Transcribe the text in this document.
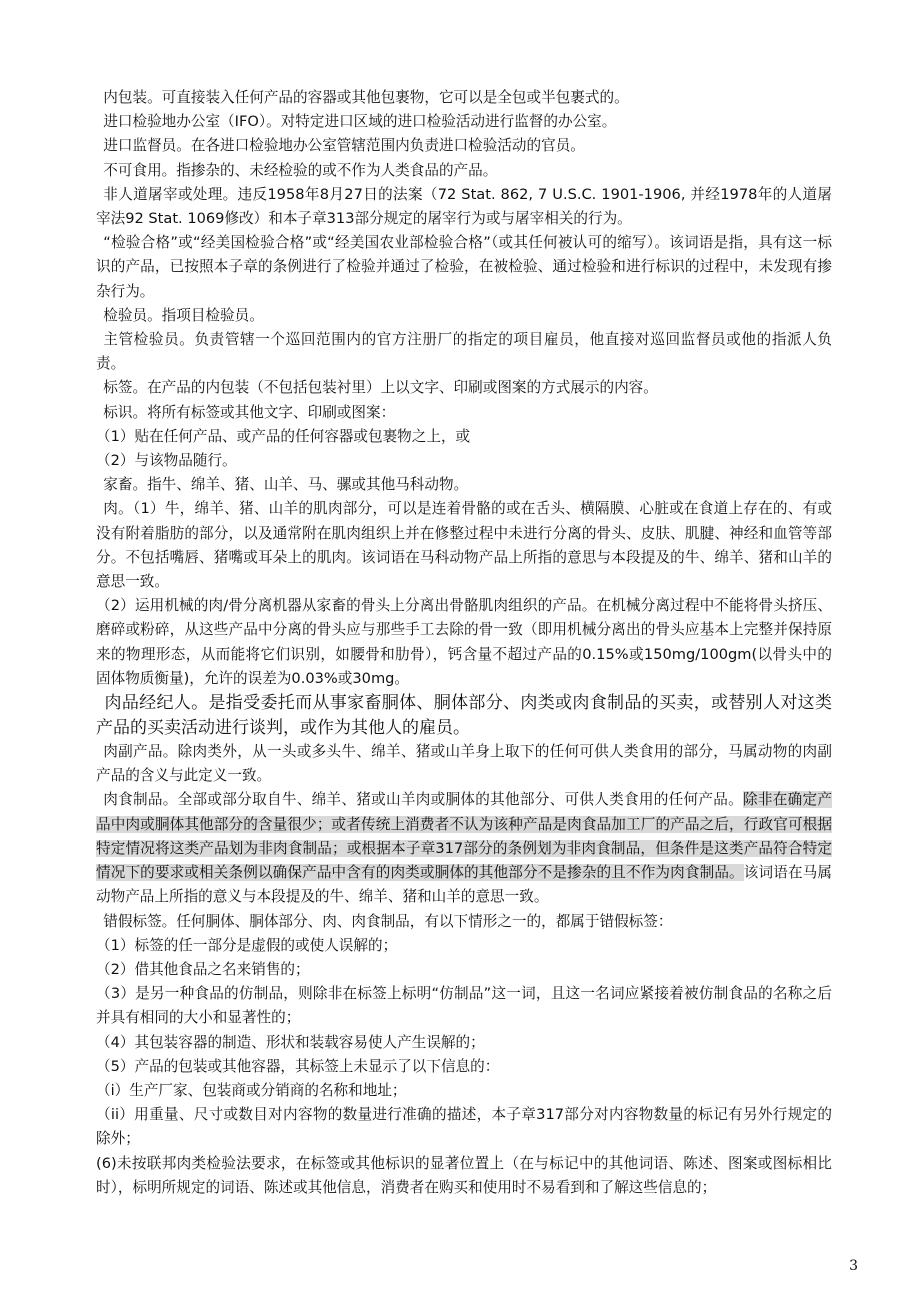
内包装。可直接装入任何产品的容器或其他包裹物，它可以是全包或半包裹式的。

进口检验地办公室（IFO）。对特定进口区域的进口检验活动进行监督的办公室。

进口监督员。在各进口检验地办公室管辖范围内负责进口检验活动的官员。

不可食用。指掺杂的、未经检验的或不作为人类食品的产品。

非人道屠宰或处理。违反1958年8月27日的法案（72 Stat. 862, 7 U.S.C. 1901-1906, 并经1978年的人道屠宰法92 Stat. 1069修改）和本子章313部分规定的屠宰行为或与屠宰相关的行为。

“检验合格”或“经美国检验合格”或“经美国农业部检验合格”（或其任何被认可的缩写）。该词语是指，具有这一标识的产品，已按照本子章的条例进行了检验并通过了检验，在被检验、通过检验和进行标识的过程中，未发现有掺杂行为。

检验员。指项目检验员。

主管检验员。负责管辖一个巡回范围内的官方注册厂的指定的项目雇员，他直接对巡回监督员或他的指派人负责。

标签。在产品的内包装（不包括包装衬里）上以文字、印刷或图案的方式展示的内容。

标识。将所有标签或其他文字、印刷或图案：

（1）贴在任何产品、或产品的任何容器或包裹物之上，或

（2）与该物品随行。

家畜。指牛、绵羊、猪、山羊、马、骡或其他马科动物。

肉。（1）牛，绵羊、猪、山羊的肌肉部分，可以是连着骨骼的或在舌头、横隔膜、心脏或在食道上存在的、有或没有附着脂肪的部分，以及通常附在肌肉组织上并在修整过程中未进行分离的骨头、皮肤、肌腱、神经和血管等部分。不包括嘴唇、猪嘴或耳朵上的肌肉。该词语在马科动物产品上所指的意思与本段提及的牛、绵羊、猪和山羊的意思一致。

（2）运用机械的肉/骨分离机器从家畜的骨头上分离出骨骼肌肉组织的产品。在机械分离过程中不能将骨头挤压、磨碎或粉碎，从这些产品中分离的骨头应与那些手工去除的骨一致（即用机械分离出的骨头应基本上完整并保持原来的物理形态，从而能将它们识别，如腰骨和肋骨），钙含量不超过产品的0.15%或150mg/100gm(以骨头中的固体物质衡量)，允许的误差为0.03%或30mg。

肉品经纪人。是指受委托而从事家畜胴体、胴体部分、肉类或肉食制品的买卖，或替别人对这类产品的买卖活动进行谈判，或作为其他人的雇员。

肉副产品。除肉类外，从一头或多头牛、绵羊、猪或山羊身上取下的任何可供人类食用的部分，马属动物的肉副产品的含义与此定义一致。

肉食制品。全部或部分取自牛、绵羊、猪或山羊肉或胴体的其他部分、可供人类食用的任何产品。除非在确定产品中肉或胴体其他部分的含量很少；或者传统上消费者不认为该种产品是肉食品加工厂的产品之后，行政官可根据特定情况将这类产品划为非肉食制品；或根据本子章317部分的条例划为非肉食制品，但条件是这类产品符合特定情况下的要求或相关条例以确保产品中含有的肉类或胴体的其他部分不是掺杂的且不作为肉食制品。该词语在马属动物产品上所指的意义与本段提及的牛、绵羊、猪和山羊的意思一致。

错假标签。任何胴体、胴体部分、肉、肉食制品，有以下情形之一的，都属于错假标签：

（1）标签的任一部分是虚假的或使人误解的；

（2）借其他食品之名来销售的；

（3）是另一种食品的仿制品，则除非在标签上标明“仿制品”这一词，且这一名词应紧接着被仿制食品的名称之后并具有相同的大小和显著性的；

（4）其包装容器的制造、形状和装载容易使人产生误解的；

（5）产品的包装或其他容器，其标签上未显示了以下信息的：

（i）生产厂家、包装商或分销商的名称和地址；

（ii）用重量、尺寸或数目对内容物的数量进行准确的描述，本子章317部分对内容物数量的标记有另外行规定的除外；

(6)未按联邦肉类检验法要求，在标签或其他标识的显著位置上（在与标记中的其他词语、陈述、图案或图标相比时），标明所规定的词语、陈述或其他信息，消费者在购买和使用时不易看到和了解这些信息的；

3
